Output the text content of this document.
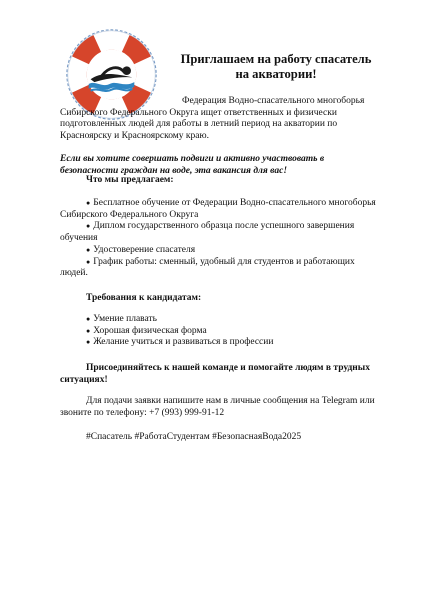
Приглашаем на работу спасатель
на акватории!

Федерация Водно-спасательного многоборья Сибирского Федерального Округа ищет ответственных и физически подготовленных людей для работы в летний период на акватории по Красноярску и Красноярскому краю.

Если вы хотите совершать подвиги и активно участвовать в безопасности граждан на воде, эта вакансия для вас!

Что мы предлагаем:
● Бесплатное обучение от Федерации Водно-спасательного многоборья Сибирского Федерального Округа
● Диплом государственного образца после успешного завершения обучения
● Удостоверение спасателя
● График работы: сменный, удобный для студентов и работающих людей.
Требования к кандидатам:
● Умение плавать
● Хорошая физическая форма
● Желание учиться и развиваться в профессии

Присоединяйтесь к нашей команде и помогайте людям в трудных ситуациях!

Для подачи заявки напишите нам в личные сообщения на Telegram или звоните по телефону: +7 (993) 999-91-12

#Спасатель #РаботаСтудентам #БезопаснаяВода2025
